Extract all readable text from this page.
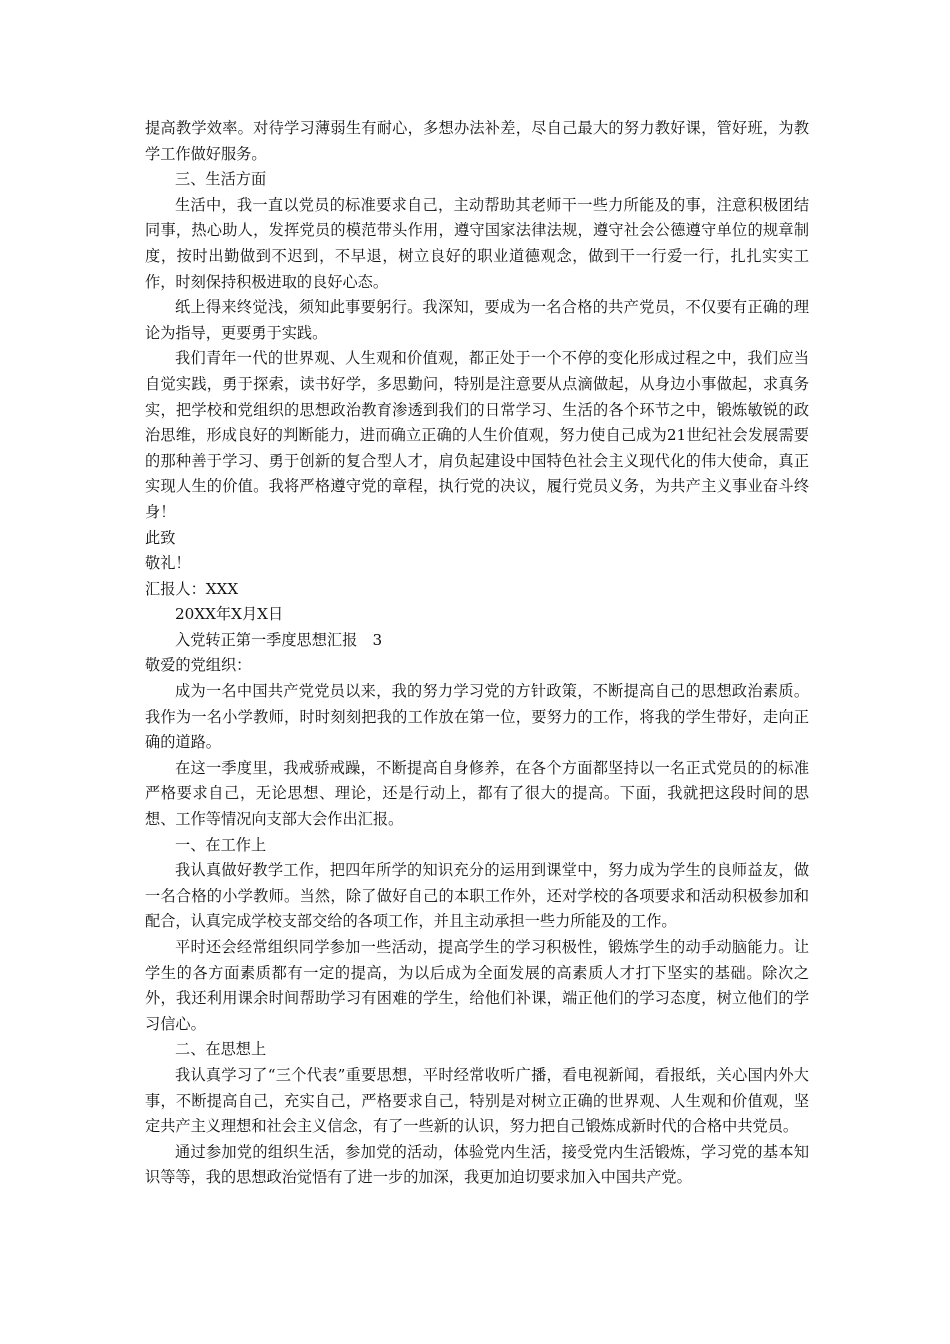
提高教学效率。对待学习薄弱生有耐心，多想办法补差，尽自己最大的努力教好课，管好班，为教学工作做好服务。

三、生活方面

生活中，我一直以党员的标准要求自己，主动帮助其老师干一些力所能及的事，注意积极团结同事，热心助人，发挥党员的模范带头作用，遵守国家法律法规，遵守社会公德遵守单位的规章制度，按时出勤做到不迟到，不早退，树立良好的职业道德观念，做到干一行爱一行，扎扎实实工作，时刻保持积极进取的良好心态。

纸上得来终觉浅，须知此事要躬行。我深知，要成为一名合格的共产党员，不仅要有正确的理论为指导，更要勇于实践。

我们青年一代的世界观、人生观和价值观，都正处于一个不停的变化形成过程之中，我们应当自觉实践，勇于探索，读书好学，多思勤问，特别是注意要从点滴做起，从身边小事做起，求真务实，把学校和党组织的思想政治教育渗透到我们的日常学习、生活的各个环节之中，锻炼敏锐的政治思维，形成良好的判断能力，进而确立正确的人生价值观，努力使自己成为21世纪社会发展需要的那种善于学习、勇于创新的复合型人才，肩负起建设中国特色社会主义现代化的伟大使命，真正实现人生的价值。我将严格遵守党的章程，执行党的决议，履行党员义务，为共产主义事业奋斗终身！

此致

敬礼！

汇报人：XXX

20XX年X月X日

入党转正第一季度思想汇报　3

敬爱的党组织：

成为一名中国共产党党员以来，我的努力学习党的方针政策，不断提高自己的思想政治素质。我作为一名小学教师，时时刻刻把我的工作放在第一位，要努力的工作，将我的学生带好，走向正确的道路。

在这一季度里，我戒骄戒躁，不断提高自身修养，在各个方面都坚持以一名正式党员的的标准严格要求自己，无论思想、理论，还是行动上，都有了很大的提高。下面，我就把这段时间的思想、工作等情况向支部大会作出汇报。

一、在工作上

我认真做好教学工作，把四年所学的知识充分的运用到课堂中，努力成为学生的良师益友，做一名合格的小学教师。当然，除了做好自己的本职工作外，还对学校的各项要求和活动积极参加和配合，认真完成学校支部交给的各项工作，并且主动承担一些力所能及的工作。

平时还会经常组织同学参加一些活动，提高学生的学习积极性，锻炼学生的动手动脑能力。让学生的各方面素质都有一定的提高，为以后成为全面发展的高素质人才打下坚实的基础。除次之外，我还利用课余时间帮助学习有困难的学生，给他们补课，端正他们的学习态度，树立他们的学习信心。

二、在思想上

我认真学习了“三个代表”重要思想，平时经常收听广播，看电视新闻，看报纸，关心国内外大事，不断提高自己，充实自己，严格要求自己，特别是对树立正确的世界观、人生观和价值观，坚定共产主义理想和社会主义信念，有了一些新的认识，努力把自己锻炼成新时代的合格中共党员。

通过参加党的组织生活，参加党的活动，体验党内生活，接受党内生活锻炼，学习党的基本知识等等，我的思想政治觉悟有了进一步的加深，我更加迫切要求加入中国共产党。
